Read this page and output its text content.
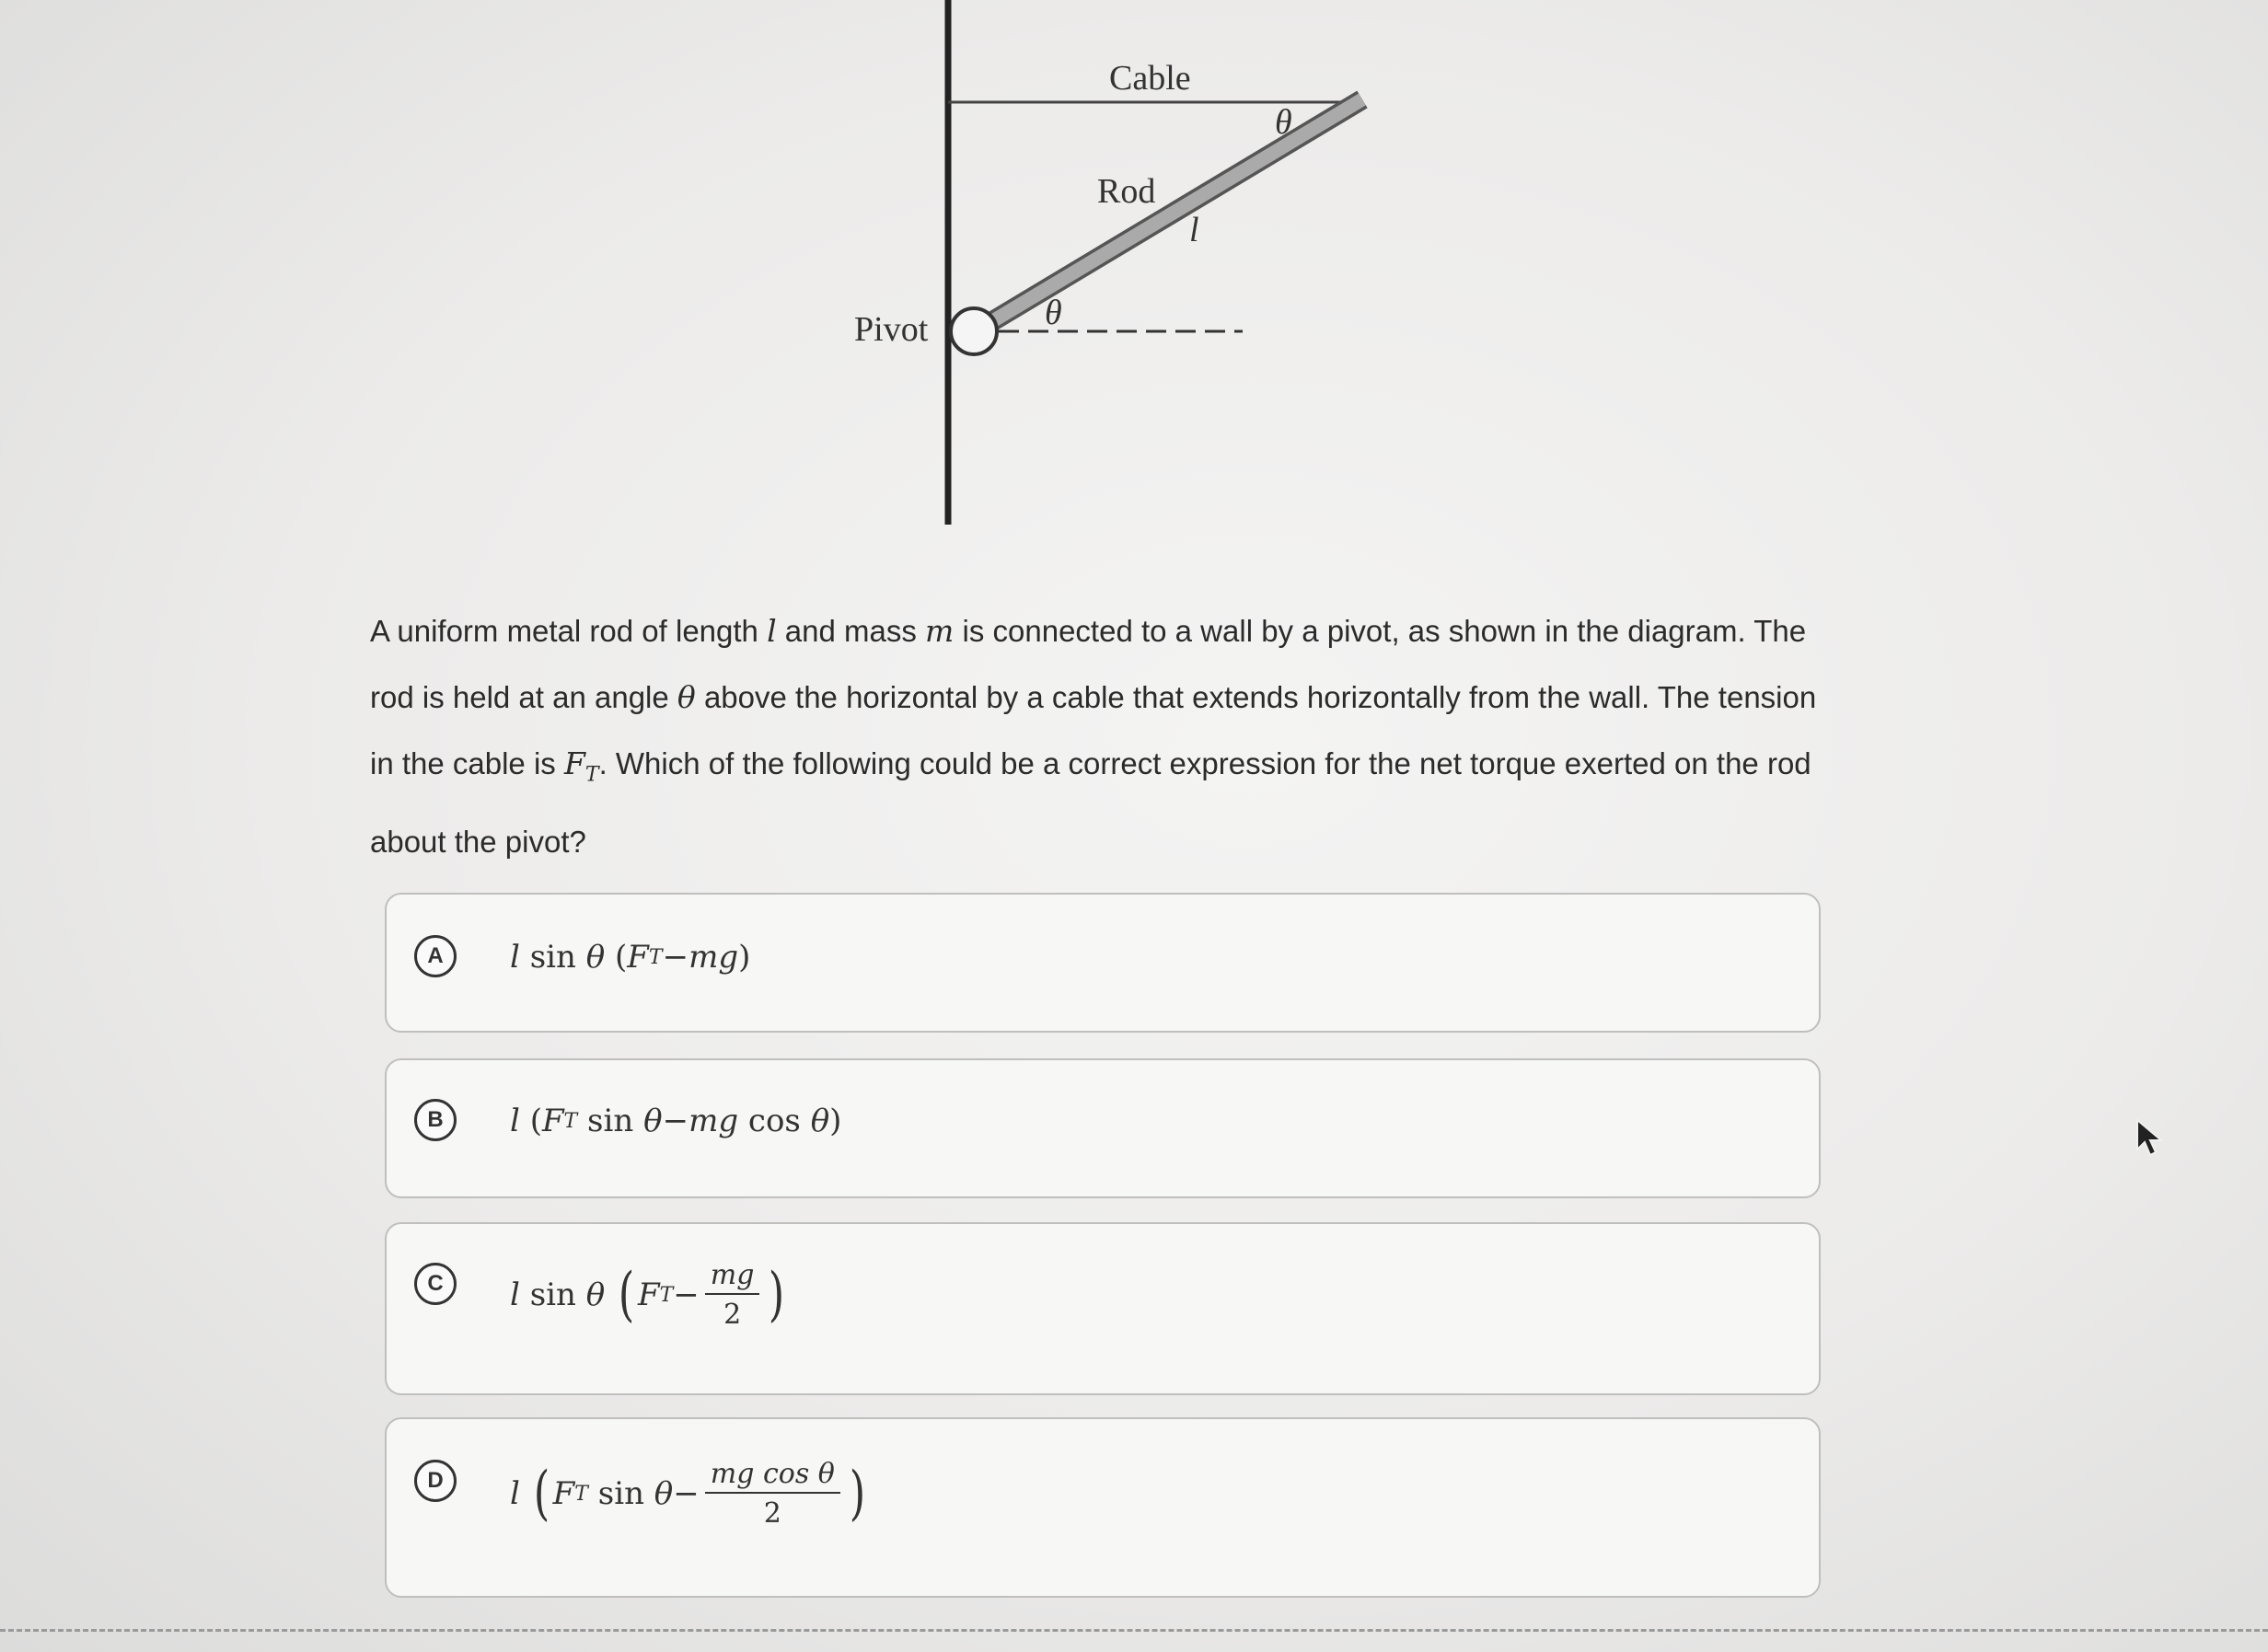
Cable
Rod
Pivot
l
θ
θ
A uniform metal rod of length l and mass m is connected to a wall by a pivot, as shown in the diagram. The rod is held at an angle θ above the horizontal by a cable that extends horizontally from the wall. The tension in the cable is $F_T$. Which of the following could be a correct expression for the net torque exerted on the rod about the pivot?
A	l
sin
θ
( F T − mg )
B	l
( F T
sin
θ − mg
cos
θ )
C	l
sin
θ
( F $T - \frac{mg}{2}$ )
D	l
( F T
sin
$\theta - \frac{\text{mg cos θ}}{2}$ )
